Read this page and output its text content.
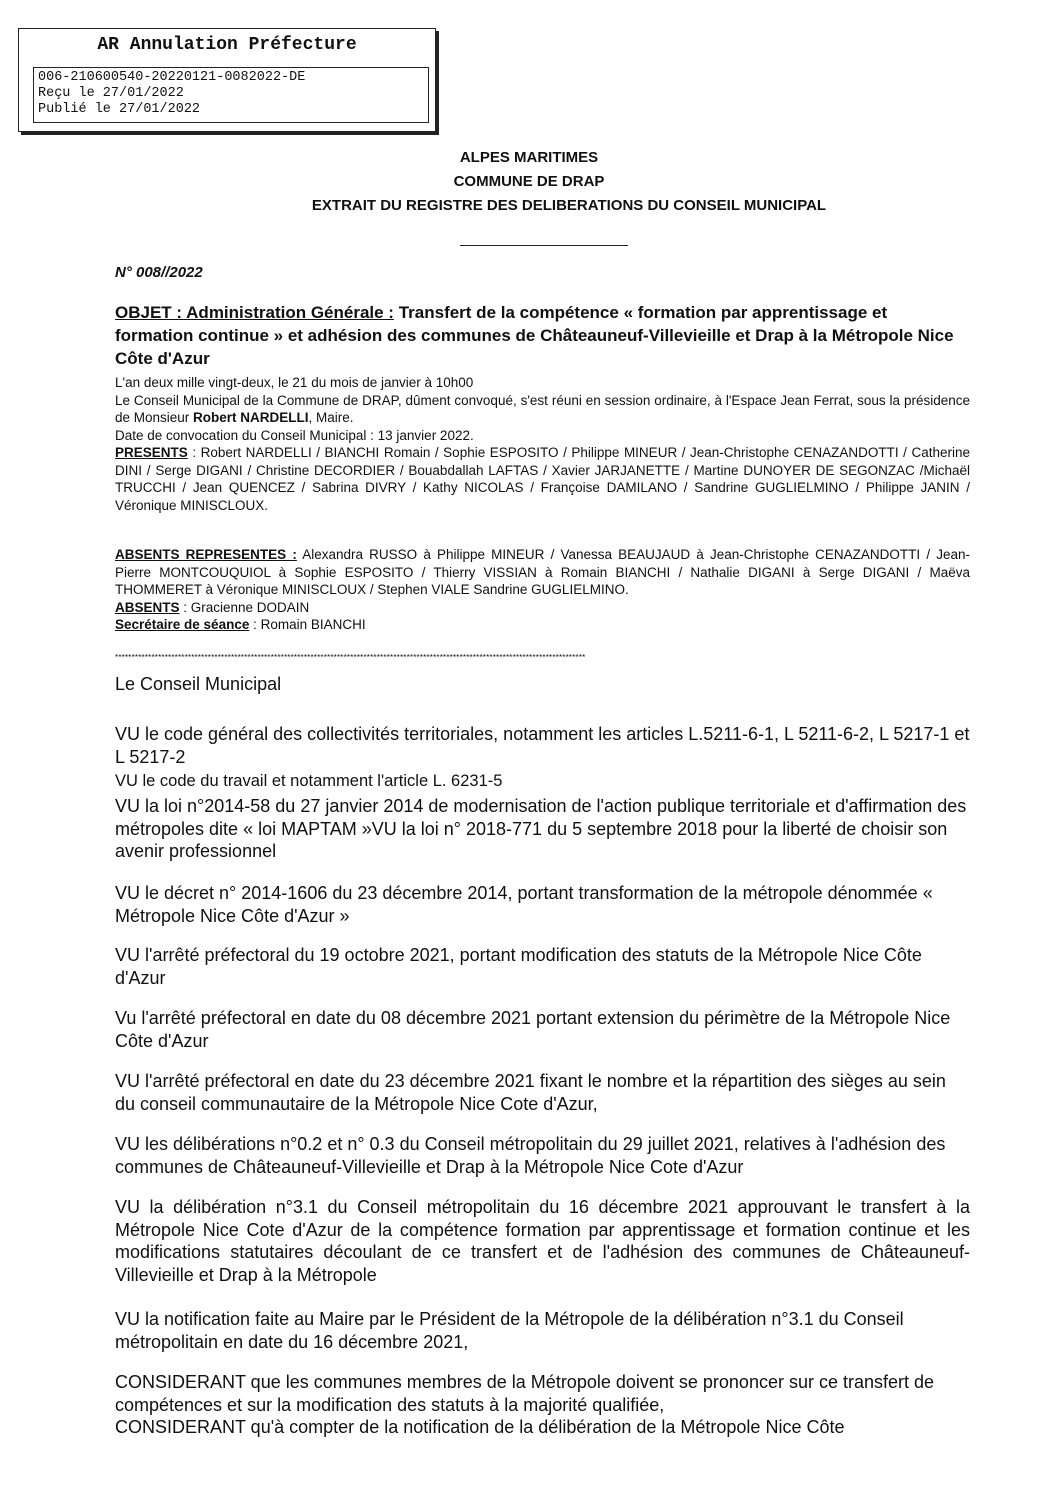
AR Annulation Préfecture
006-210600540-20220121-0082022-DE
Reçu le 27/01/2022
Publié le 27/01/2022
ALPES MARITIMES
COMMUNE DE DRAP
EXTRAIT DU REGISTRE DES DELIBERATIONS DU CONSEIL MUNICIPAL
N° 008//2022
OBJET : Administration Générale : Transfert de la compétence « formation par apprentissage et formation continue » et adhésion des communes de Châteauneuf-Villevieille et Drap à la Métropole Nice Côte d'Azur
L'an deux mille vingt-deux, le 21 du mois de janvier à 10h00
Le Conseil Municipal de la Commune de DRAP, dûment convoqué, s'est réuni en session ordinaire, à l'Espace Jean Ferrat, sous la présidence de Monsieur Robert NARDELLI, Maire.
Date de convocation du Conseil Municipal : 13 janvier 2022.
PRESENTS : Robert NARDELLI / BIANCHI Romain / Sophie ESPOSITO / Philippe MINEUR / Jean-Christophe CENAZANDOTTI / Catherine DINI / Serge DIGANI / Christine DECORDIER / Bouabdallah LAFTAS / Xavier JARJANETTE / Martine DUNOYER DE SEGONZAC /Michaël TRUCCHI / Jean QUENCEZ / Sabrina DIVRY / Kathy NICOLAS / Françoise DAMILANO / Sandrine GUGLIELMINO / Philippe JANIN / Véronique MINISCLOUX.
ABSENTS REPRESENTES : Alexandra RUSSO à Philippe MINEUR / Vanessa BEAUJAUD à Jean-Christophe CENAZANDOTTI / Jean-Pierre MONTCOUQUIOL à Sophie ESPOSITO / Thierry VISSIAN à Romain BIANCHI / Nathalie DIGANI à Serge DIGANI / Maëva THOMMERET à Véronique MINISCLOUX / Stephen VIALE Sandrine GUGLIELMINO.
ABSENTS : Gracienne DODAIN
Secrétaire de séance : Romain BIANCHI
**********************************************************************************************************************************************
Le Conseil Municipal
VU le code général des collectivités territoriales, notamment les articles L.5211-6-1, L 5211-6-2, L 5217-1 et L 5217-2
VU le code du travail et notamment l'article L. 6231-5
VU la loi n°2014-58 du 27 janvier 2014 de modernisation de l'action publique territoriale et d'affirmation des métropoles dite « loi MAPTAM »VU la loi n° 2018-771 du 5 septembre 2018 pour la liberté de choisir son avenir professionnel
VU le décret n° 2014-1606 du 23 décembre 2014, portant transformation de la métropole dénommée « Métropole Nice Côte d'Azur »
VU l'arrêté préfectoral du 19 octobre 2021, portant modification des statuts de la Métropole Nice Côte d'Azur
Vu l'arrêté préfectoral en date du 08 décembre 2021 portant extension du périmètre de la Métropole Nice Côte d'Azur
VU l'arrêté préfectoral en date du 23 décembre 2021 fixant le nombre et la répartition des sièges au sein du conseil communautaire de la Métropole Nice Cote d'Azur,
VU les délibérations n°0.2 et n° 0.3 du Conseil métropolitain du 29 juillet 2021, relatives à l'adhésion des communes de Châteauneuf-Villevieille et Drap à la Métropole Nice Cote d'Azur
VU la délibération n°3.1 du Conseil métropolitain du 16 décembre 2021 approuvant le transfert à la Métropole Nice Cote d'Azur de la compétence formation par apprentissage et formation continue et les modifications statutaires découlant de ce transfert et de l'adhésion des communes de Châteauneuf-Villevieille et Drap à la Métropole
VU la notification faite au Maire par le Président de la Métropole de la délibération n°3.1 du Conseil métropolitain en date du 16 décembre 2021,
CONSIDERANT que les communes membres de la Métropole doivent se prononcer sur ce transfert de compétences et sur la modification des statuts à la majorité qualifiée,
CONSIDERANT qu'à compter de la notification de la délibération de la Métropole Nice Côte
